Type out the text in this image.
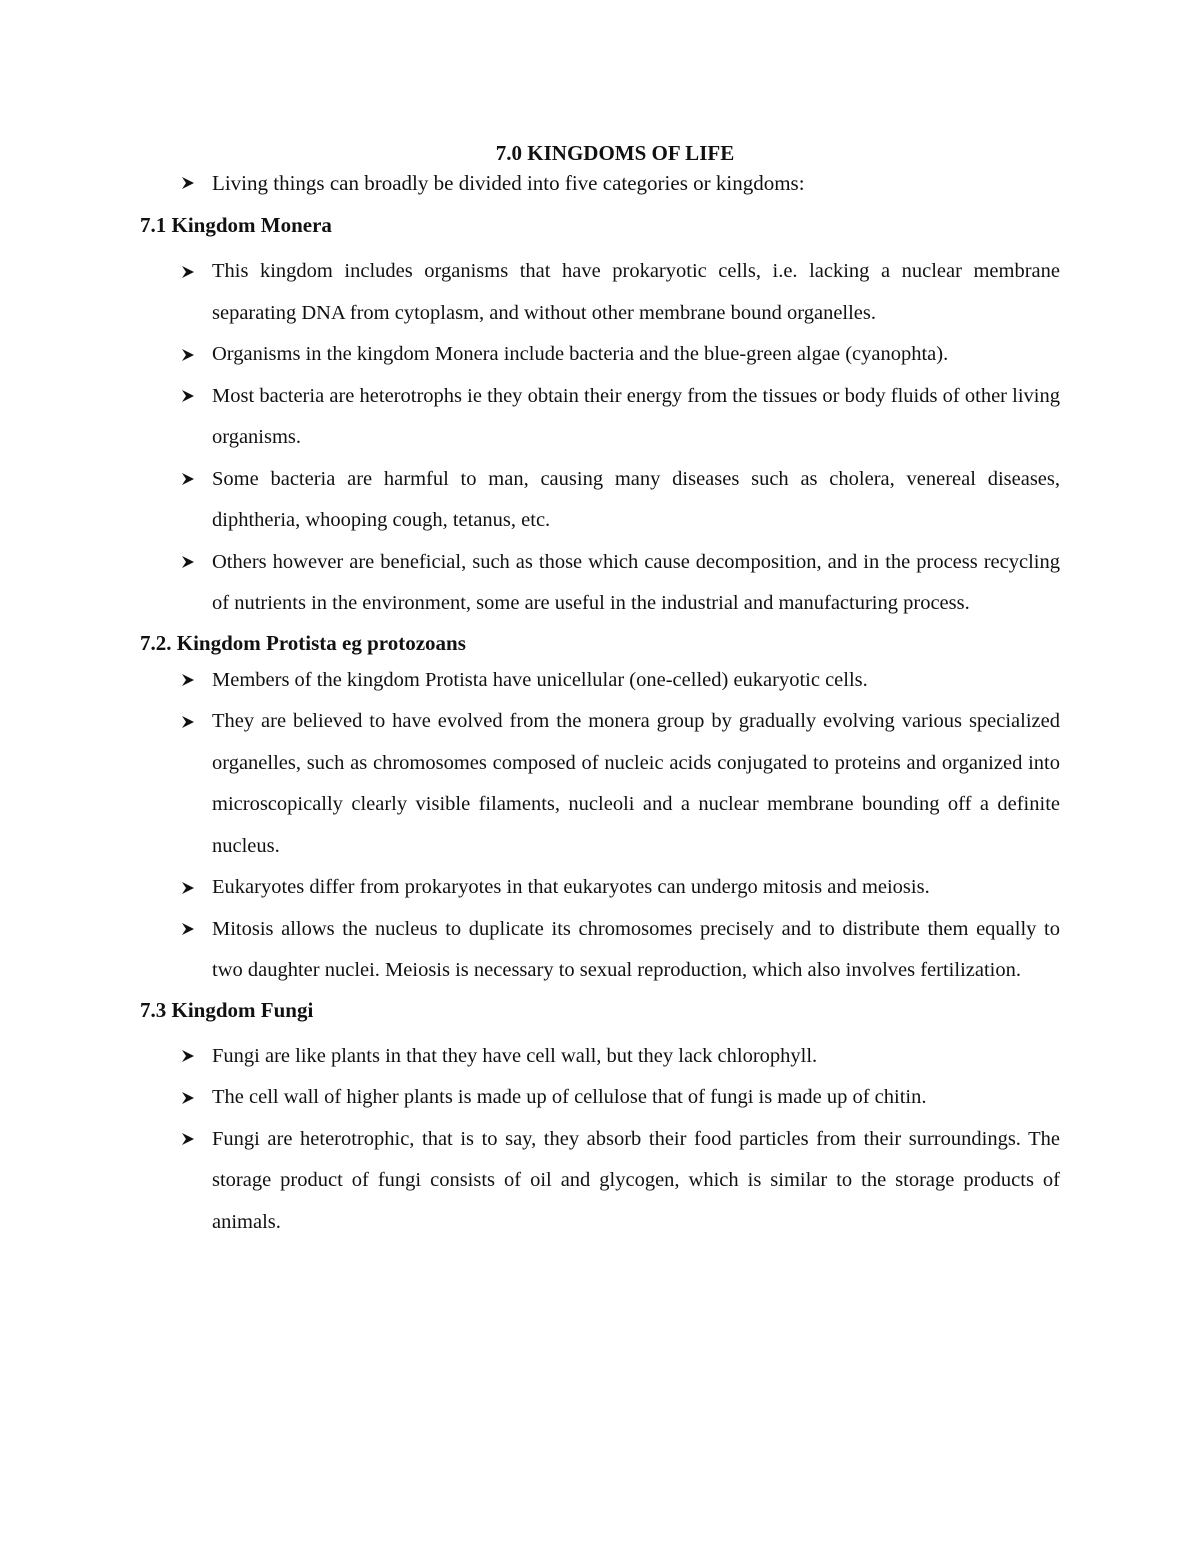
7.0 KINGDOMS OF LIFE

Living things can broadly be divided into five categories or kingdoms:

7.1 Kingdom Monera
This kingdom includes organisms that have prokaryotic cells, i.e. lacking a nuclear membrane separating DNA from cytoplasm, and without other membrane bound organelles.
Organisms in the kingdom Monera include bacteria and the blue-green algae (cyanophta).
Most bacteria are heterotrophs ie they obtain their energy from the tissues or body fluids of other living organisms.
Some bacteria are harmful to man, causing many diseases such as cholera, venereal diseases, diphtheria, whooping cough, tetanus, etc.
Others however are beneficial, such as those which cause decomposition, and in the process recycling of nutrients in the environment, some are useful in the industrial and manufacturing process.
7.2. Kingdom Protista eg protozoans
Members of the kingdom Protista have unicellular (one-celled) eukaryotic cells.
They are believed to have evolved from the monera group by gradually evolving various specialized organelles, such as chromosomes composed of nucleic acids conjugated to proteins and organized into microscopically clearly visible filaments, nucleoli and a nuclear membrane bounding off a definite nucleus.
Eukaryotes differ from prokaryotes in that eukaryotes can undergo mitosis and meiosis.
Mitosis allows the nucleus to duplicate its chromosomes precisely and to distribute them equally to two daughter nuclei. Meiosis is necessary to sexual reproduction, which also involves fertilization.
7.3 Kingdom Fungi
Fungi are like plants in that they have cell wall, but they lack chlorophyll.
The cell wall of higher plants is made up of cellulose that of fungi is made up of chitin.
Fungi are heterotrophic, that is to say, they absorb their food particles from their surroundings. The storage product of fungi consists of oil and glycogen, which is similar to the storage products of animals.
